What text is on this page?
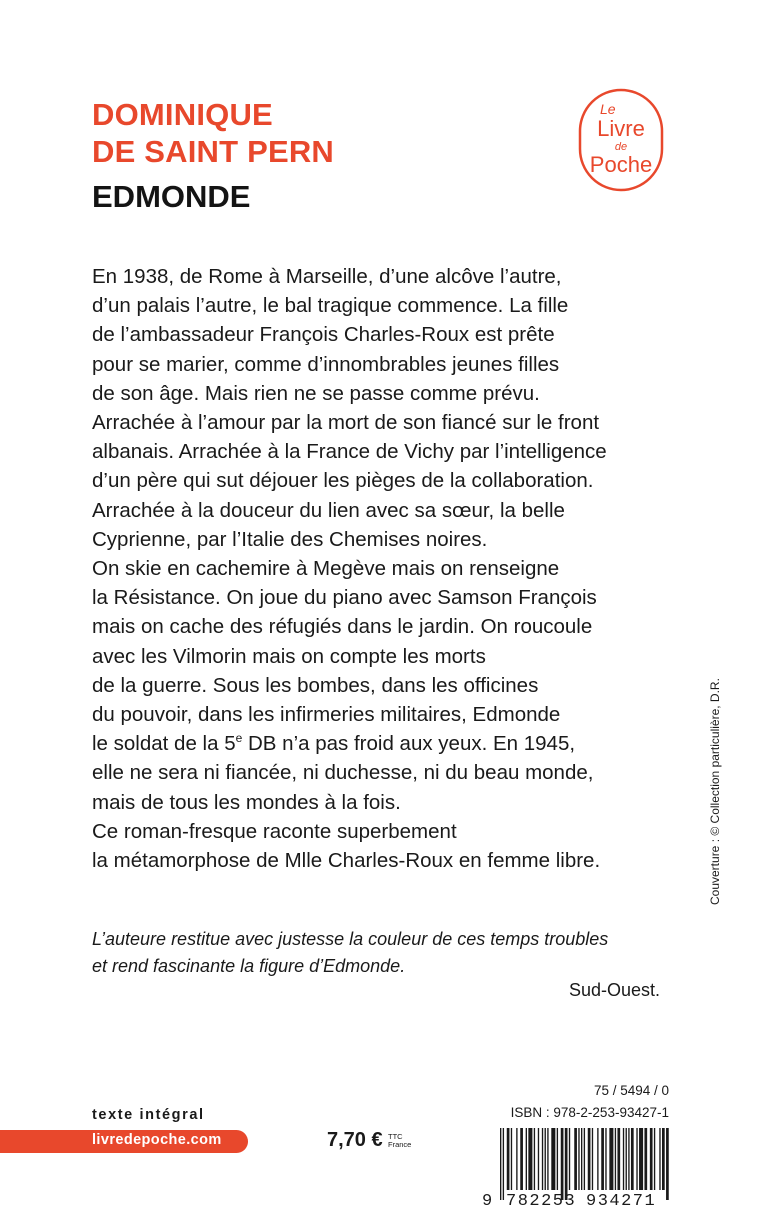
DOMINIQUE
DE SAINT PERN
EDMONDE
Le
Livre
de
Poche
En 1938, de Rome à Marseille, d’une alcôve l’autre,
d’un palais l’autre, le bal tragique commence. La fille
de l’ambassadeur François Charles-Roux est prête
pour se marier, comme d’innombrables jeunes filles
de son âge. Mais rien ne se passe comme prévu.
Arrachée à l’amour par la mort de son fiancé sur le front
albanais. Arrachée à la France de Vichy par l’intelligence
d’un père qui sut déjouer les pièges de la collaboration.
Arrachée à la douceur du lien avec sa sœur, la belle
Cyprienne, par l’Italie des Chemises noires.
On skie en cachemire à Megève mais on renseigne
la Résistance. On joue du piano avec Samson François
mais on cache des réfugiés dans le jardin. On roucoule
avec les Vilmorin mais on compte les morts
de la guerre. Sous les bombes, dans les officines
du pouvoir, dans les infirmeries militaires, Edmonde
le soldat de la 5e DB n’a pas froid aux yeux. En 1945,
elle ne sera ni fiancée, ni duchesse, ni du beau monde,
mais de tous les mondes à la fois.
Ce roman-fresque raconte superbement
la métamorphose de Mlle Charles-Roux en femme libre.
L’auteure restitue avec justesse la couleur de ces temps troubles
et rend fascinante la figure d’Edmonde.
Sud-Ouest.
Couverture : © Collection particulière, D.R.
texte intégral
livredepoche.com	7,70 € TTC
France
75 / 5494 / 0
ISBN : 978-2-253-93427-1
9 782253 934271
